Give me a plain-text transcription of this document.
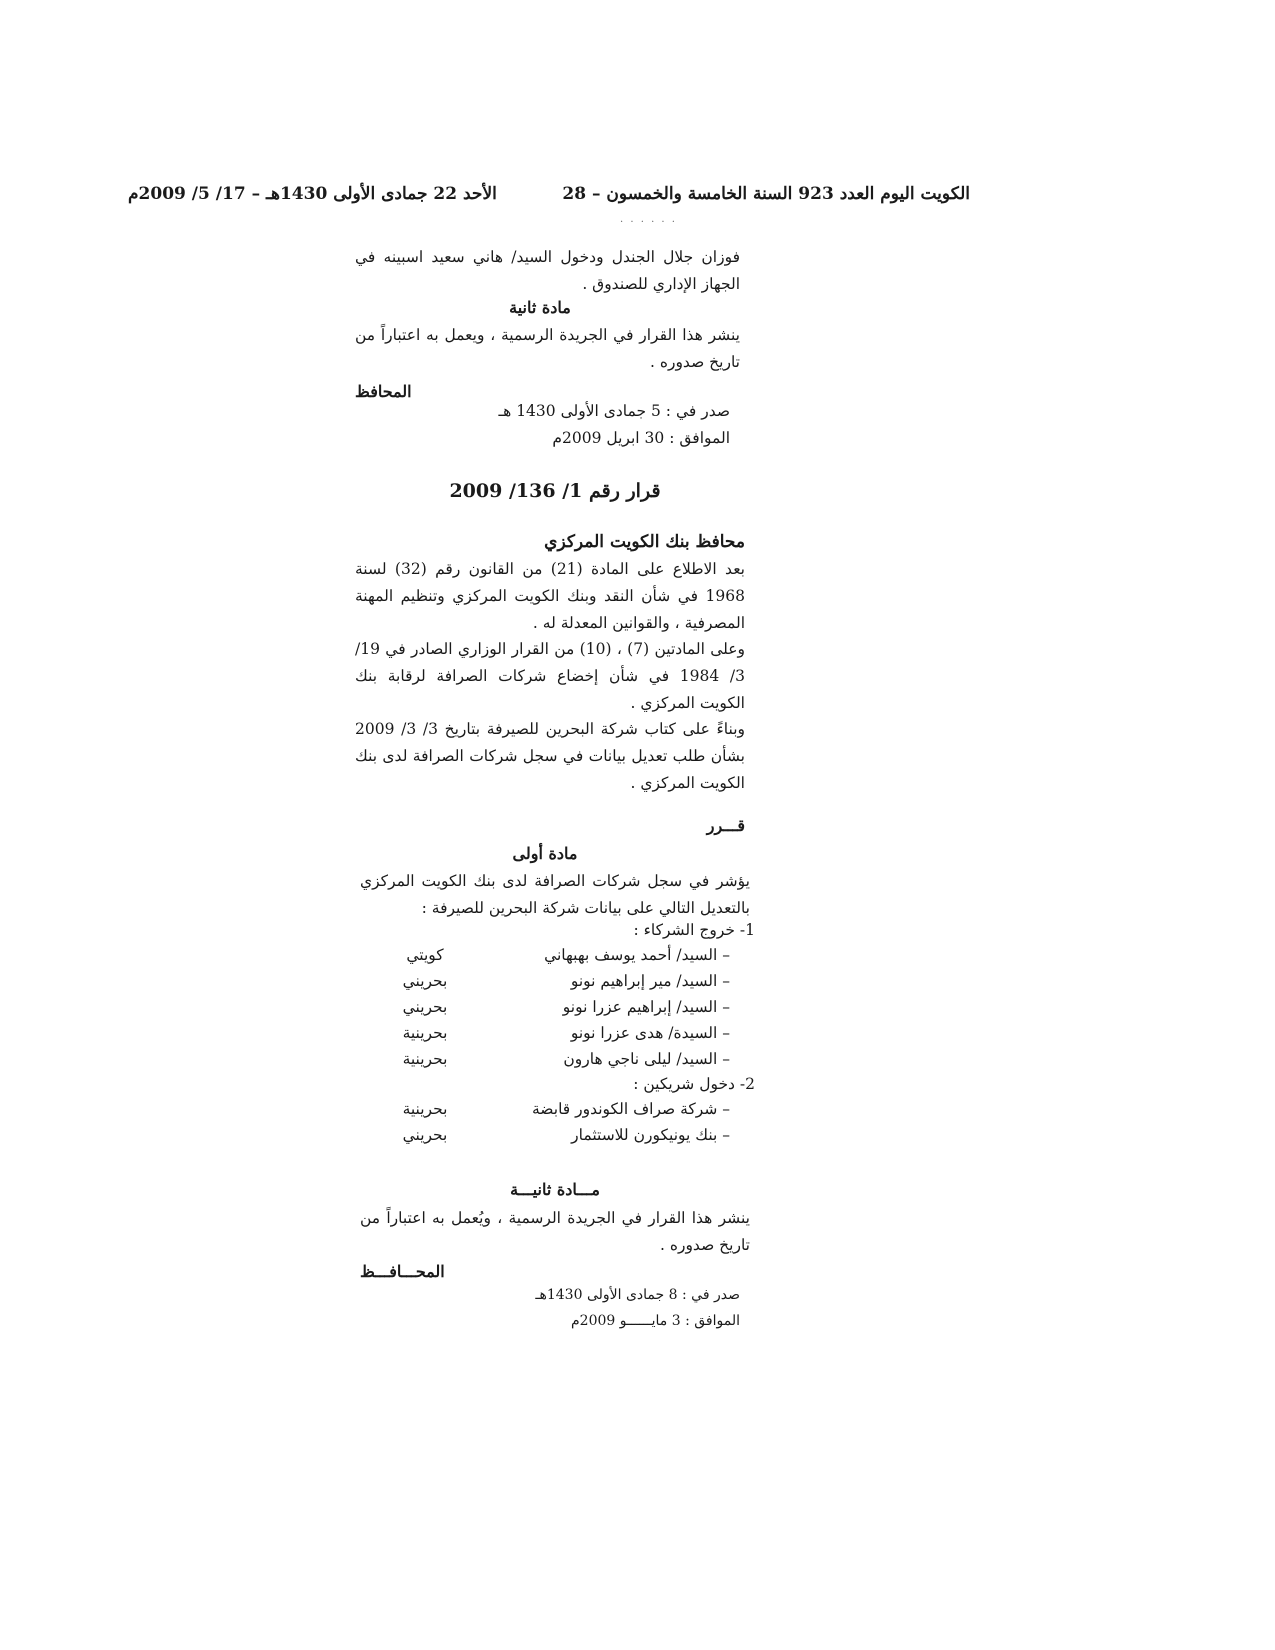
الكويت اليوم العدد 923 السنة الخامسة والخمسون – 28
الأحد 22 جمادى الأولى 1430هـ – 17/ 5/ 2009م
. . . . . .
فوزان جلال الجندل ودخول السيد/ هاني سعيد اسبينه في الجهاز الإداري للصندوق .
مادة ثانية
ينشر هذا القرار في الجريدة الرسمية ، ويعمل به اعتباراً من تاريخ صدوره .
المحافظ
صدر في : 5 جمادى الأولى 1430 هـ
الموافق : 30 ابريل 2009م
قرار رقم 1/ 136/ 2009
محافظ بنك الكويت المركزي
بعد الاطلاع على المادة (21) من القانون رقم (32) لسنة 1968 في شأن النقد وبنك الكويت المركزي وتنظيم المهنة المصرفية ، والقوانين المعدلة له .
وعلى المادتين (7) ، (10) من القرار الوزاري الصادر في 19/ 3/ 1984 في شأن إخضاع شركات الصرافة لرقابة بنك الكويت المركزي .
وبناءً على كتاب شركة البحرين للصيرفة بتاريخ 3/ 3/ 2009 بشأن طلب تعديل بيانات في سجل شركات الصرافة لدى بنك الكويت المركزي .
قـــرر
مادة أولى
يؤشر في سجل شركات الصرافة لدى بنك الكويت المركزي بالتعديل التالي على بيانات شركة البحرين للصيرفة :
1- خروج الشركاء :
– السيد/ أحمد يوسف بهبهاني
كويتي
– السيد/ مير إبراهيم نونو
بحريني
– السيد/ إبراهيم عزرا نونو
بحريني
– السيدة/ هدى عزرا نونو
بحرينية
– السيد/ ليلى ناجي هارون
بحرينية
2- دخول شريكين :
– شركة صراف الكوندور قابضة
بحرينية
– بنك يونيكورن للاستثمار
بحريني
مـــادة ثانيـــة
ينشر هذا القرار في الجريدة الرسمية ، ويُعمل به اعتباراً من تاريخ صدوره .
المحـــافـــظ
صدر في : 8 جمادى الأولى 1430هـ
الموافق : 3 مايــــــو 2009م
